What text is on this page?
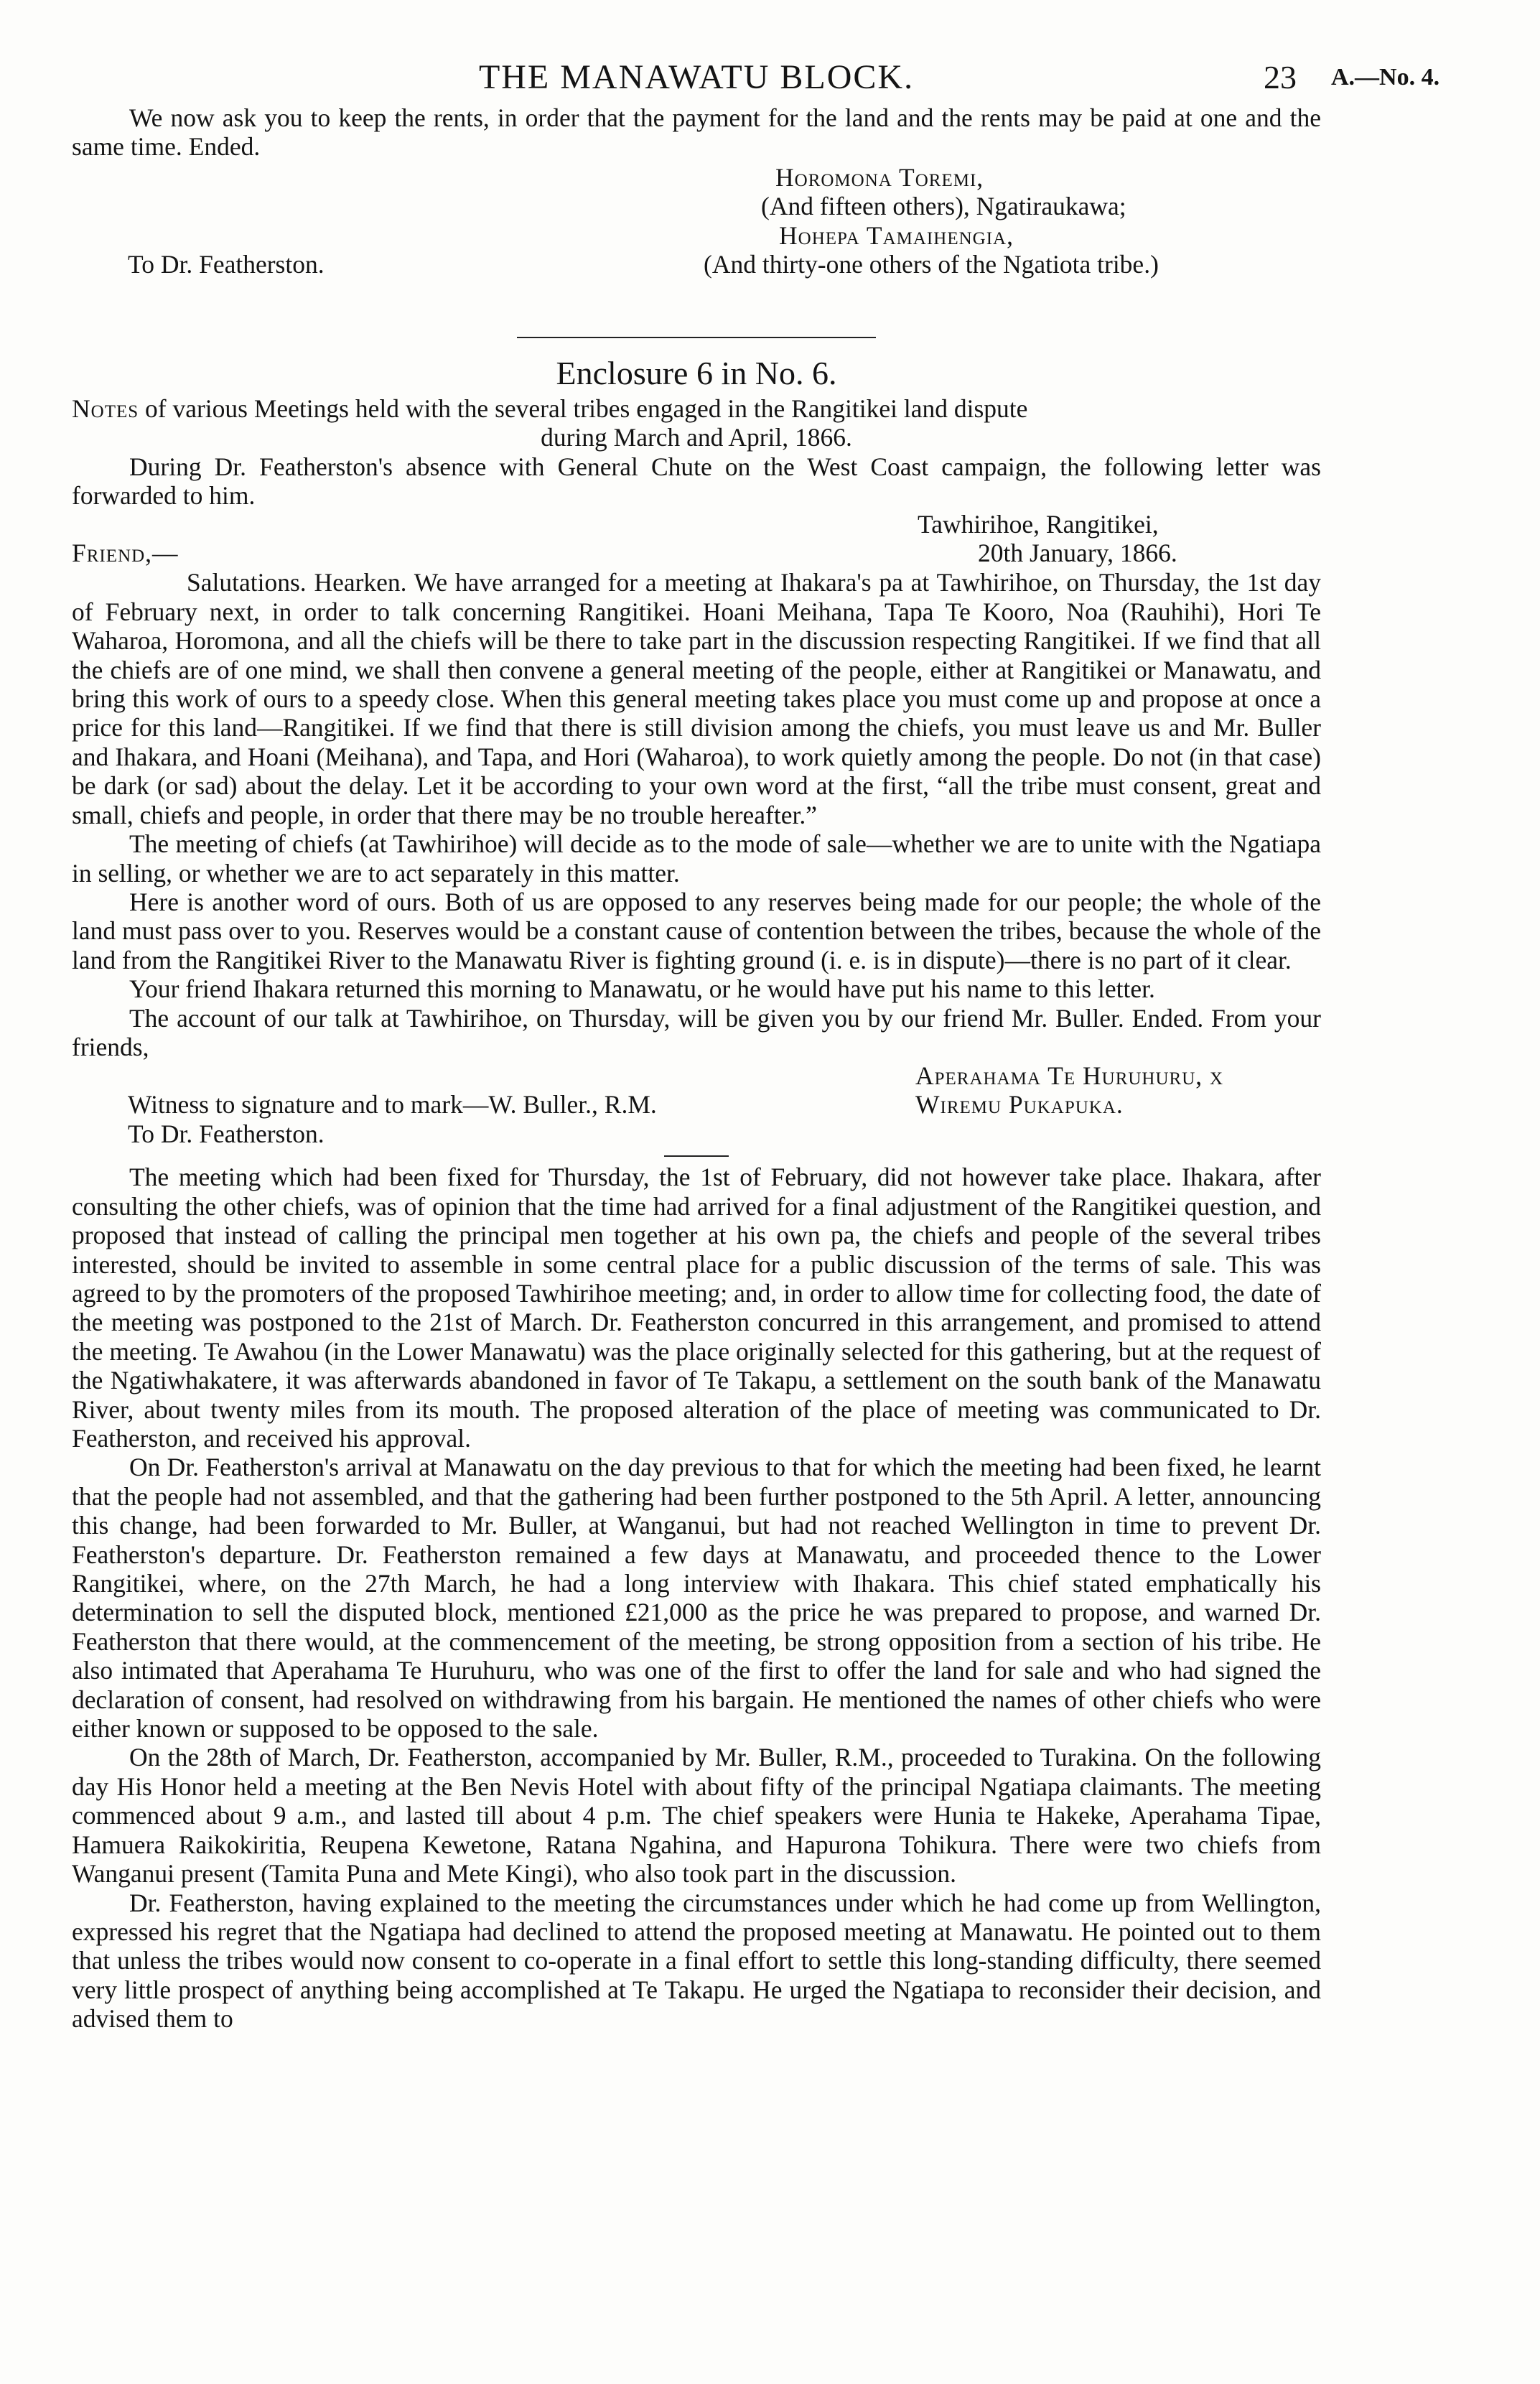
THE MANAWATU BLOCK.	23 A.—No. 4.

We now ask you to keep the rents, in order that the payment for the land and the rents may be paid at one and the same time. Ended.

Horomona Toremi,
(And fifteen others), Ngatiraukawa;
Hohepa Tamaihengia,
(And thirty-one others of the Ngatiota tribe.)
To Dr. Featherston.
Enclosure 6 in No. 6.
Notes of various Meetings held with the several tribes engaged in the Rangitikei land dispute
during March and April, 1866.

During Dr. Featherston's absence with General Chute on the West Coast campaign, the following letter was forwarded to him.

Tawhirihoe, Rangitikei,
20th January, 1866.
Friend,—

Salutations. Hearken. We have arranged for a meeting at Ihakara's pa at Tawhirihoe, on Thursday, the 1st day of February next, in order to talk concerning Rangitikei. Hoani Meihana, Tapa Te Kooro, Noa (Rauhihi), Hori Te Waharoa, Horomona, and all the chiefs will be there to take part in the discussion respecting Rangitikei. If we find that all the chiefs are of one mind, we shall then convene a general meeting of the people, either at Rangitikei or Manawatu, and bring this work of ours to a speedy close. When this general meeting takes place you must come up and propose at once a price for this land—Rangitikei. If we find that there is still division among the chiefs, you must leave us and Mr. Buller and Ihakara, and Hoani (Meihana), and Tapa, and Hori (Waharoa), to work quietly among the people. Do not (in that case) be dark (or sad) about the delay. Let it be according to your own word at the first, “all the tribe must consent, great and small, chiefs and people, in order that there may be no trouble hereafter.”

The meeting of chiefs (at Tawhirihoe) will decide as to the mode of sale—whether we are to unite with the Ngatiapa in selling, or whether we are to act separately in this matter.

Here is another word of ours. Both of us are opposed to any reserves being made for our people; the whole of the land must pass over to you. Reserves would be a constant cause of contention between the tribes, because the whole of the land from the Rangitikei River to the Manawatu River is fighting ground (i. e. is in dispute)—there is no part of it clear.

Your friend Ihakara returned this morning to Manawatu, or he would have put his name to this letter.

The account of our talk at Tawhirihoe, on Thursday, will be given you by our friend Mr. Buller. Ended. From your friends,

Aperahama Te Huruhuru, x
Wiremu Pukapuka.
Witness to signature and to mark—W. Buller., R.M.
To Dr. Featherston.

The meeting which had been fixed for Thursday, the 1st of February, did not however take place. Ihakara, after consulting the other chiefs, was of opinion that the time had arrived for a final adjustment of the Rangitikei question, and proposed that instead of calling the principal men together at his own pa, the chiefs and people of the several tribes interested, should be invited to assemble in some central place for a public discussion of the terms of sale. This was agreed to by the promoters of the proposed Tawhirihoe meeting; and, in order to allow time for collecting food, the date of the meeting was postponed to the 21st of March. Dr. Featherston concurred in this arrangement, and promised to attend the meeting. Te Awahou (in the Lower Manawatu) was the place originally selected for this gathering, but at the request of the Ngatiwhakatere, it was afterwards abandoned in favor of Te Takapu, a settlement on the south bank of the Manawatu River, about twenty miles from its mouth. The proposed alteration of the place of meeting was communicated to Dr. Featherston, and received his approval.

On Dr. Featherston's arrival at Manawatu on the day previous to that for which the meeting had been fixed, he learnt that the people had not assembled, and that the gathering had been further postponed to the 5th April. A letter, announcing this change, had been forwarded to Mr. Buller, at Wanganui, but had not reached Wellington in time to prevent Dr. Featherston's departure. Dr. Featherston remained a few days at Manawatu, and proceeded thence to the Lower Rangitikei, where, on the 27th March, he had a long interview with Ihakara. This chief stated emphatically his determination to sell the disputed block, mentioned £21,000 as the price he was prepared to propose, and warned Dr. Featherston that there would, at the commencement of the meeting, be strong opposition from a section of his tribe. He also intimated that Aperahama Te Huruhuru, who was one of the first to offer the land for sale and who had signed the declaration of consent, had resolved on withdrawing from his bargain. He mentioned the names of other chiefs who were either known or supposed to be opposed to the sale.

On the 28th of March, Dr. Featherston, accompanied by Mr. Buller, R.M., proceeded to Turakina. On the following day His Honor held a meeting at the Ben Nevis Hotel with about fifty of the principal Ngatiapa claimants. The meeting commenced about 9 a.m., and lasted till about 4 p.m. The chief speakers were Hunia te Hakeke, Aperahama Tipae, Hamuera Raikokiritia, Reupena Kewetone, Ratana Ngahina, and Hapurona Tohikura. There were two chiefs from Wanganui present (Tamita Puna and Mete Kingi), who also took part in the discussion.

Dr. Featherston, having explained to the meeting the circumstances under which he had come up from Wellington, expressed his regret that the Ngatiapa had declined to attend the proposed meeting at Manawatu. He pointed out to them that unless the tribes would now consent to co-operate in a final effort to settle this long-standing difficulty, there seemed very little prospect of anything being accomplished at Te Takapu. He urged the Ngatiapa to reconsider their decision, and advised them to
